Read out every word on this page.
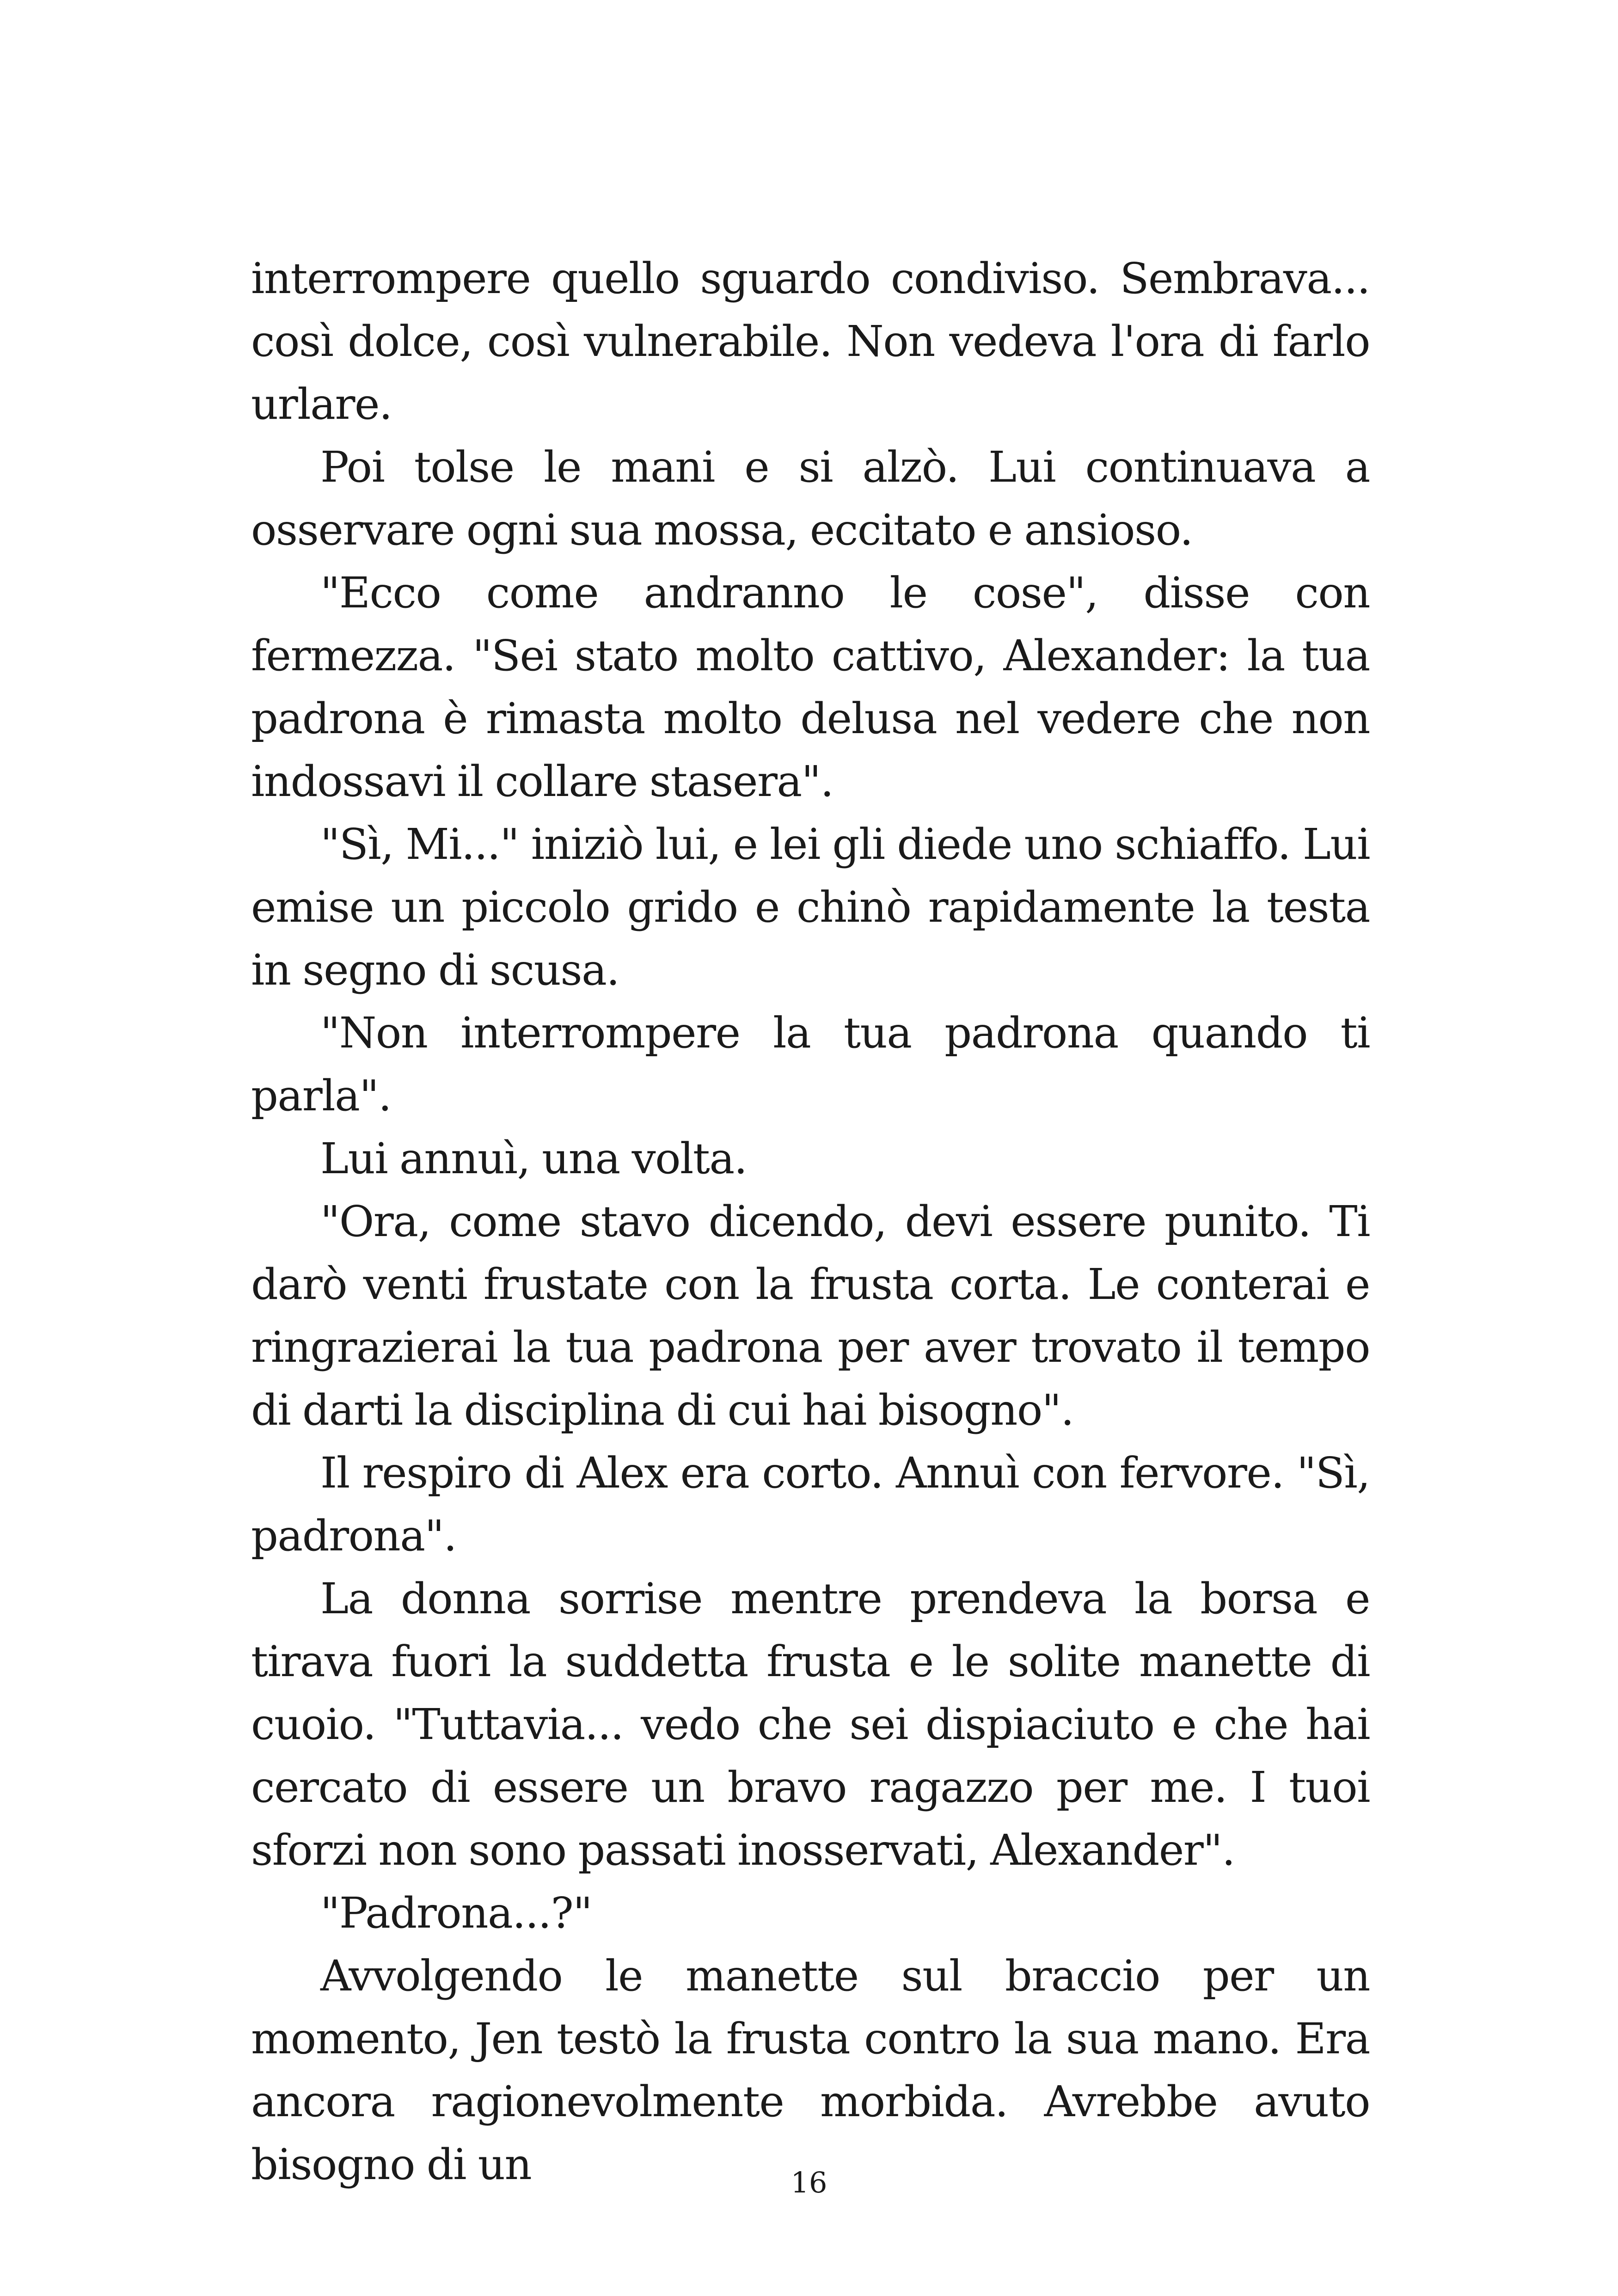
interrompere quello sguardo condiviso. Sembrava... così dolce, così vulnerabile. Non vedeva l'ora di farlo urlare.

Poi tolse le mani e si alzò. Lui continuava a osservare ogni sua mossa, eccitato e ansioso.

"Ecco come andranno le cose", disse con fermezza. "Sei stato molto cattivo, Alexander: la tua padrona è rimasta molto delusa nel vedere che non indossavi il collare stasera".

"Sì, Mi..." iniziò lui, e lei gli diede uno schiaffo. Lui emise un piccolo grido e chinò rapidamente la testa in segno di scusa.

"Non interrompere la tua padrona quando ti parla".

Lui annuì, una volta.

"Ora, come stavo dicendo, devi essere punito. Ti darò venti frustate con la frusta corta. Le conterai e ringrazierai la tua padrona per aver trovato il tempo di darti la disciplina di cui hai bisogno".

Il respiro di Alex era corto. Annuì con fervore. "Sì, padrona".

La donna sorrise mentre prendeva la borsa e tirava fuori la suddetta frusta e le solite manette di cuoio. "Tuttavia... vedo che sei dispiaciuto e che hai cercato di essere un bravo ragazzo per me. I tuoi sforzi non sono passati inosservati, Alexander".

"Padrona...?"

Avvolgendo le manette sul braccio per un momento, Jen testò la frusta contro la sua mano. Era ancora ragionevolmente morbida. Avrebbe avuto bisogno di un	16
